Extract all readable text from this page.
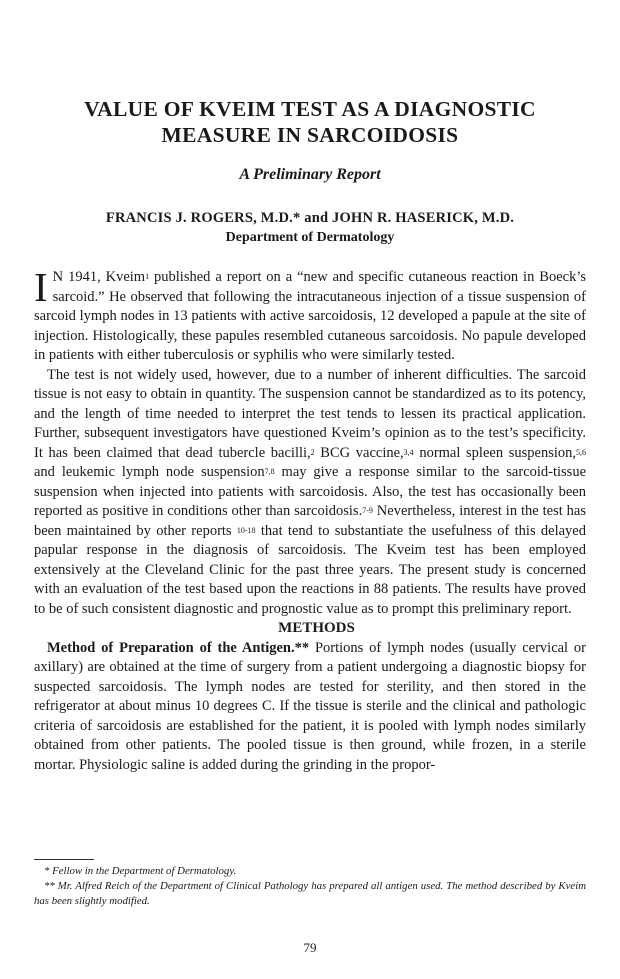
VALUE OF KVEIM TEST AS A DIAGNOSTIC
MEASURE IN SARCOIDOSIS
A Preliminary Report
FRANCIS J. ROGERS, M.D.* and JOHN R. HASERICK, M.D.
Department of Dermatology

I N 1941, Kveim$^1$ published a report on a “new and specific cutaneous reaction in Boeck’s sarcoid.” He observed that following the intracutaneous injection of a tissue suspension of sarcoid lymph nodes in 13 patients with active sarcoidosis, 12 developed a papule at the site of injection. Histologically, these papules resembled cutaneous sarcoidosis. No papule developed in patients with either tuberculosis or syphilis who were similarly tested.

The test is not widely used, however, due to a number of inherent difficulties. The sarcoid tissue is not easy to obtain in quantity. The suspension cannot be standardized as to its potency, and the length of time needed to interpret the test tends to lessen its practical application. Further, subsequent investigators have questioned Kveim’s opinion as to the test’s specificity. It has been claimed that dead tubercle bacilli,$^2$ BCG vaccine,$^{3,4}$ normal spleen suspension,$^{5,6}$ and leukemic lymph node suspension$^{7,8}$ may give a response similar to the sarcoid-tissue suspension when injected into patients with sarcoidosis. Also, the test has occasionally been reported as positive in conditions other than sarcoidosis.$^{7-9}$ Nevertheless, interest in the test has been maintained by other reports $^{10-18}$ that tend to substantiate the usefulness of this delayed papular response in the diagnosis of sarcoidosis. The Kveim test has been employed extensively at the Cleveland Clinic for the past three years. The present study is concerned with an evaluation of the test based upon the reactions in 88 patients. The results have proved to be of such consistent diagnostic and prognostic value as to prompt this preliminary report.

METHODS

Method of Preparation of the Antigen.** Portions of lymph nodes (usually cervical or axillary) are obtained at the time of surgery from a patient undergoing a diagnostic biopsy for suspected sarcoidosis. The lymph nodes are tested for sterility, and then stored in the refrigerator at about minus 10 degrees C. If the tissue is sterile and the clinical and pathologic criteria of sarcoidosis are established for the patient, it is pooled with lymph nodes similarly obtained from other patients. The pooled tissue is then ground, while frozen, in a sterile mortar. Physiologic saline is added during the grinding in the propor-

* Fellow in the Department of Dermatology.

** Mr. Alfred Reich of the Department of Clinical Pathology has prepared all antigen used. The method described by Kveim has been slightly modified.

79
